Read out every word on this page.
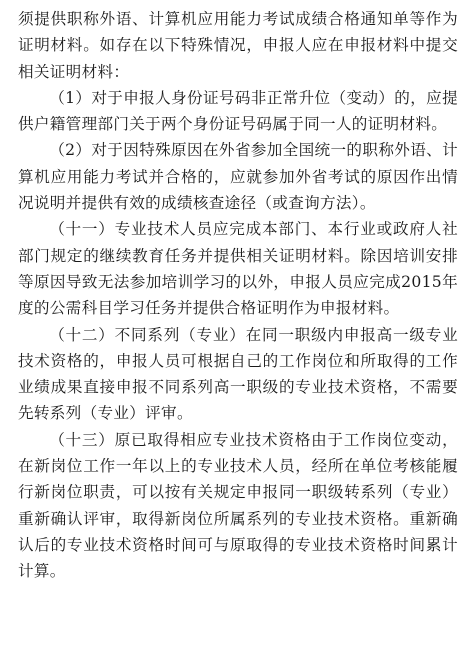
须提供职称外语、计算机应用能力考试成绩合格通知单等作为证明材料。如存在以下特殊情况，申报人应在申报材料中提交相关证明材料：

（1）对于申报人身份证号码非正常升位（变动）的，应提供户籍管理部门关于两个身份证号码属于同一人的证明材料。

（2）对于因特殊原因在外省参加全国统一的职称外语、计算机应用能力考试并合格的，应就参加外省考试的原因作出情况说明并提供有效的成绩核查途径（或查询方法）。

（十一）专业技术人员应完成本部门、本行业或政府人社部门规定的继续教育任务并提供相关证明材料。除因培训安排等原因导致无法参加培训学习的以外，申报人员应完成2015年度的公需科目学习任务并提供合格证明作为申报材料。

（十二）不同系列（专业）在同一职级内申报高一级专业技术资格的，申报人员可根据自己的工作岗位和所取得的工作业绩成果直接申报不同系列高一职级的专业技术资格，不需要先转系列（专业）评审。

（十三）原已取得相应专业技术资格由于工作岗位变动，在新岗位工作一年以上的专业技术人员，经所在单位考核能履行新岗位职责，可以按有关规定申报同一职级转系列（专业）重新确认评审，取得新岗位所属系列的专业技术资格。重新确认后的专业技术资格时间可与原取得的专业技术资格时间累计计算。
